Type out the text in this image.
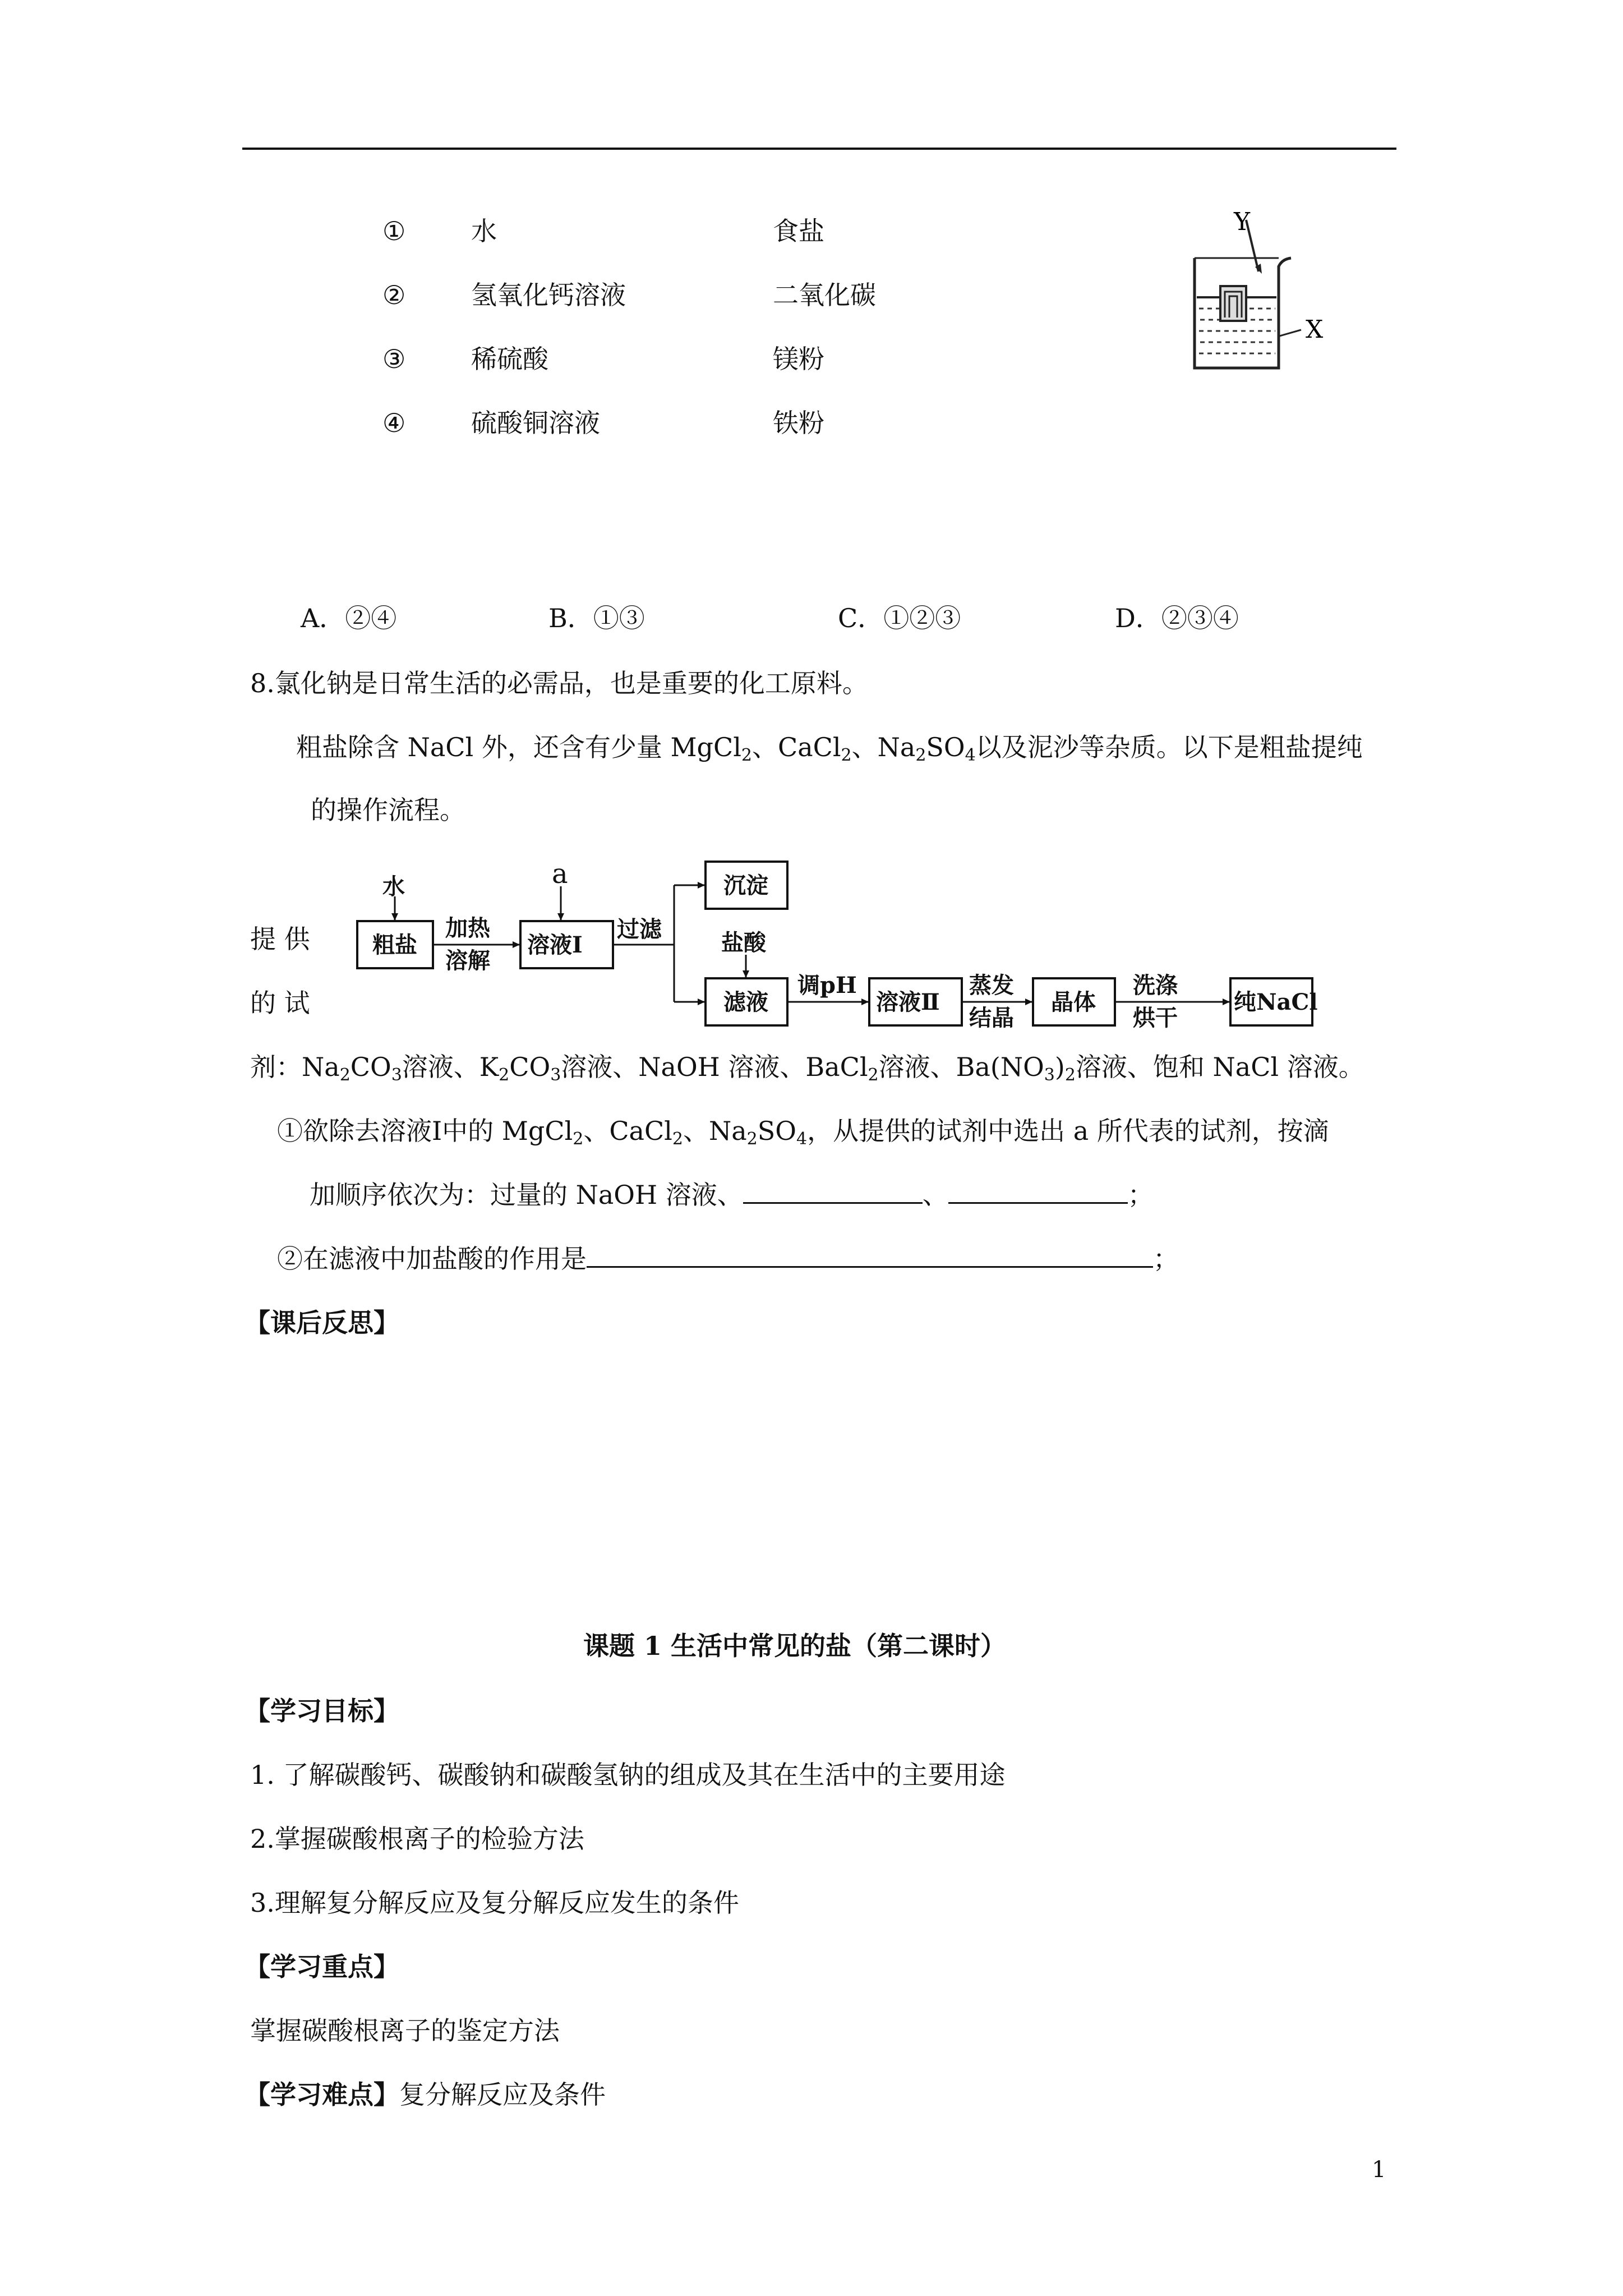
①	水	食盐
②	氢氧化钙溶液	二氧化碳
③	稀硫酸	镁粉
④	硫酸铜溶液	铁粉
Y
X
A．②④	B．①③	C．①②③	D．②③④
8.氯化钠是日常生活的必需品，也是重要的化工原料。
粗盐除含 NaCl 外，还含有少量 MgCl$_2$、CaCl$_2$、$Na_2SO_4$以及泥沙等杂质。以下是粗盐提纯
的操作流程。
提 供
的 试
水	a
粗盐
加热
溶解
溶液Ⅰ
过滤
沉淀
盐酸
滤液
调pH
溶液Ⅱ
蒸发
结晶
晶体
洗涤
烘干
纯NaCl
剂：$Na_2CO_3$溶液、$K_2CO_3$溶液、NaOH 溶液、BaCl$_2$溶液、$Ba(NO_3)_2$溶液、饱和 NaCl 溶液。
①欲除去溶液Ⅰ中的 MgCl$_2$、CaCl$_2$、$Na_2SO_4$，从提供的试剂中选出 a 所代表的试剂，按滴
加顺序依次为：过量的 NaOH 溶液、	、	；
②在滤液中加盐酸的作用是	；
【课后反思】
课题 1 生活中常见的盐（第二课时）
【学习目标】
1. 了解碳酸钙、碳酸钠和碳酸氢钠的组成及其在生活中的主要用途
2.掌握碳酸根离子的检验方法
3.理解复分解反应及复分解反应发生的条件
【学习重点】
掌握碳酸根离子的鉴定方法
【学习难点】复分解反应及条件
1
